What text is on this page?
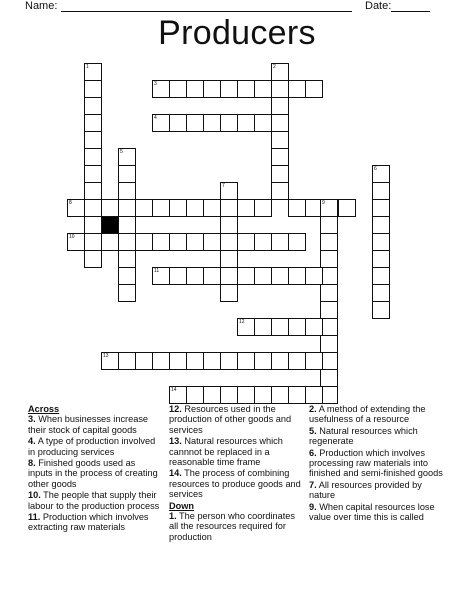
Name:	Date:
Producers
1	2
3
4
5
6
7
8	9
10
11
12
13
14
Across
3. When businesses increase their stock of capital goods
4. A type of production involved in producing services
8. Finished goods used as inputs in the process of creating other goods
10. The people that supply their labour to the production process
11. Production which involves extracting raw materials
12. Resources used in the production of other goods and services
13. Natural resources which cannnot be replaced in a reasonable time frame
14. The process of combining resources to produce goods and services
Down
1. The person who coordinates all the resources required for production
2. A method of extending the usefulness of a resource
5. Natural resources which regenerate
6. Production which involves processing raw materials into finished and semi-finished goods
7. All resources provided by nature
9. When capital resources lose value over time this is called
